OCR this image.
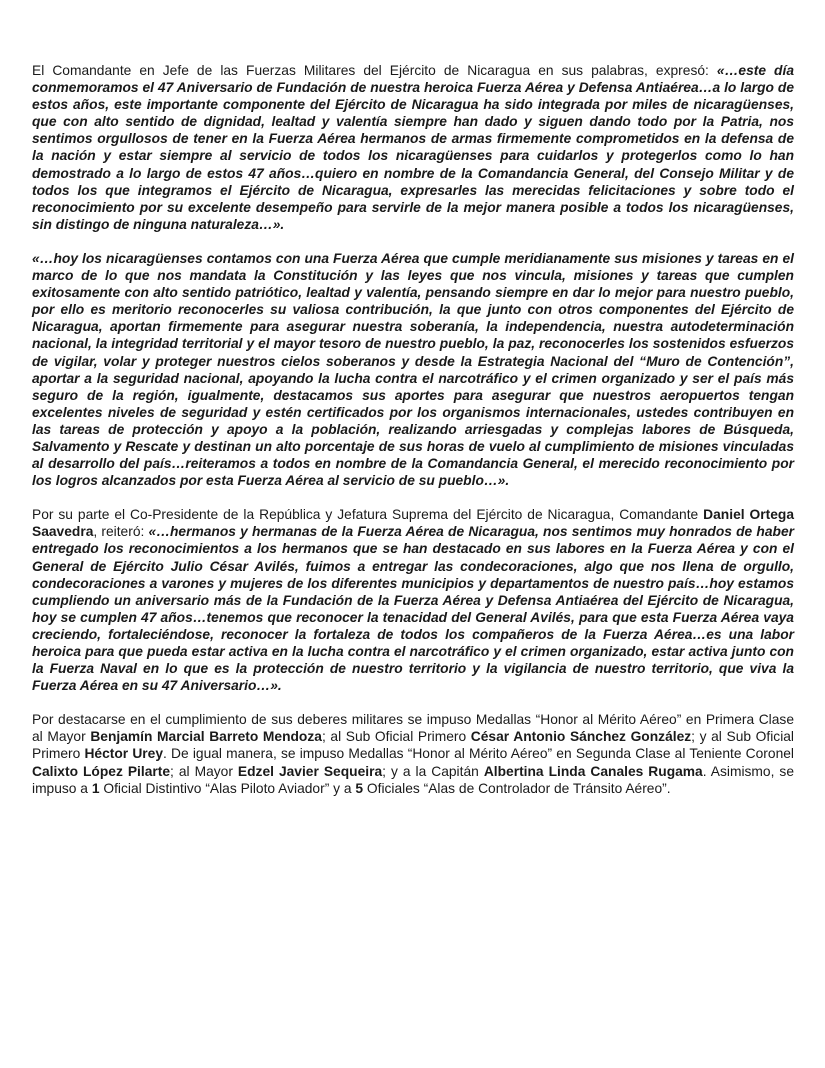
El Comandante en Jefe de las Fuerzas Militares del Ejército de Nicaragua en sus palabras, expresó: «…este día conmemoramos el 47 Aniversario de Fundación de nuestra heroica Fuerza Aérea y Defensa Antiaérea…a lo largo de estos años, este importante componente del Ejército de Nicaragua ha sido integrada por miles de nicaragüenses, que con alto sentido de dignidad, lealtad y valentía siempre han dado y siguen dando todo por la Patria, nos sentimos orgullosos de tener en la Fuerza Aérea hermanos de armas firmemente comprometidos en la defensa de la nación y estar siempre al servicio de todos los nicaragüenses para cuidarlos y protegerlos como lo han demostrado a lo largo de estos 47 años…quiero en nombre de la Comandancia General, del Consejo Militar y de todos los que integramos el Ejército de Nicaragua, expresarles las merecidas felicitaciones y sobre todo el reconocimiento por su excelente desempeño para servirle de la mejor manera posible a todos los nicaragüenses, sin distingo de ninguna naturaleza…».

«…hoy los nicaragüenses contamos con una Fuerza Aérea que cumple meridianamente sus misiones y tareas en el marco de lo que nos mandata la Constitución y las leyes que nos vincula, misiones y tareas que cumplen exitosamente con alto sentido patriótico, lealtad y valentía, pensando siempre en dar lo mejor para nuestro pueblo, por ello es meritorio reconocerles su valiosa contribución, la que junto con otros componentes del Ejército de Nicaragua, aportan firmemente para asegurar nuestra soberanía, la independencia, nuestra autodeterminación nacional, la integridad territorial y el mayor tesoro de nuestro pueblo, la paz, reconocerles los sostenidos esfuerzos de vigilar, volar y proteger nuestros cielos soberanos y desde la Estrategia Nacional del “Muro de Contención”, aportar a la seguridad nacional, apoyando la lucha contra el narcotráfico y el crimen organizado y ser el país más seguro de la región, igualmente, destacamos sus aportes para asegurar que nuestros aeropuertos tengan excelentes niveles de seguridad y estén certificados por los organismos internacionales, ustedes contribuyen en las tareas de protección y apoyo a la población, realizando arriesgadas y complejas labores de Búsqueda, Salvamento y Rescate y destinan un alto porcentaje de sus horas de vuelo al cumplimiento de misiones vinculadas al desarrollo del país…reiteramos a todos en nombre de la Comandancia General, el merecido reconocimiento por los logros alcanzados por esta Fuerza Aérea al servicio de su pueblo…».

Por su parte el Co-Presidente de la República y Jefatura Suprema del Ejército de Nicaragua, Comandante Daniel Ortega Saavedra, reiteró: «…hermanos y hermanas de la Fuerza Aérea de Nicaragua, nos sentimos muy honrados de haber entregado los reconocimientos a los hermanos que se han destacado en sus labores en la Fuerza Aérea y con el General de Ejército Julio César Avilés, fuimos a entregar las condecoraciones, algo que nos llena de orgullo, condecoraciones a varones y mujeres de los diferentes municipios y departamentos de nuestro país…hoy estamos cumpliendo un aniversario más de la Fundación de la Fuerza Aérea y Defensa Antiaérea del Ejército de Nicaragua, hoy se cumplen 47 años…tenemos que reconocer la tenacidad del General Avilés, para que esta Fuerza Aérea vaya creciendo, fortaleciéndose, reconocer la fortaleza de todos los compañeros de la Fuerza Aérea…es una labor heroica para que pueda estar activa en la lucha contra el narcotráfico y el crimen organizado, estar activa junto con la Fuerza Naval en lo que es la protección de nuestro territorio y la vigilancia de nuestro territorio, que viva la Fuerza Aérea en su 47 Aniversario…».

Por destacarse en el cumplimiento de sus deberes militares se impuso Medallas “Honor al Mérito Aéreo” en Primera Clase al Mayor Benjamín Marcial Barreto Mendoza; al Sub Oficial Primero César Antonio Sánchez González; y al Sub Oficial Primero Héctor Urey. De igual manera, se impuso Medallas “Honor al Mérito Aéreo” en Segunda Clase al Teniente Coronel Calixto López Pilarte; al Mayor Edzel Javier Sequeira; y a la Capitán Albertina Linda Canales Rugama. Asimismo, se impuso a 1 Oficial Distintivo “Alas Piloto Aviador” y a 5 Oficiales “Alas de Controlador de Tránsito Aéreo”.
